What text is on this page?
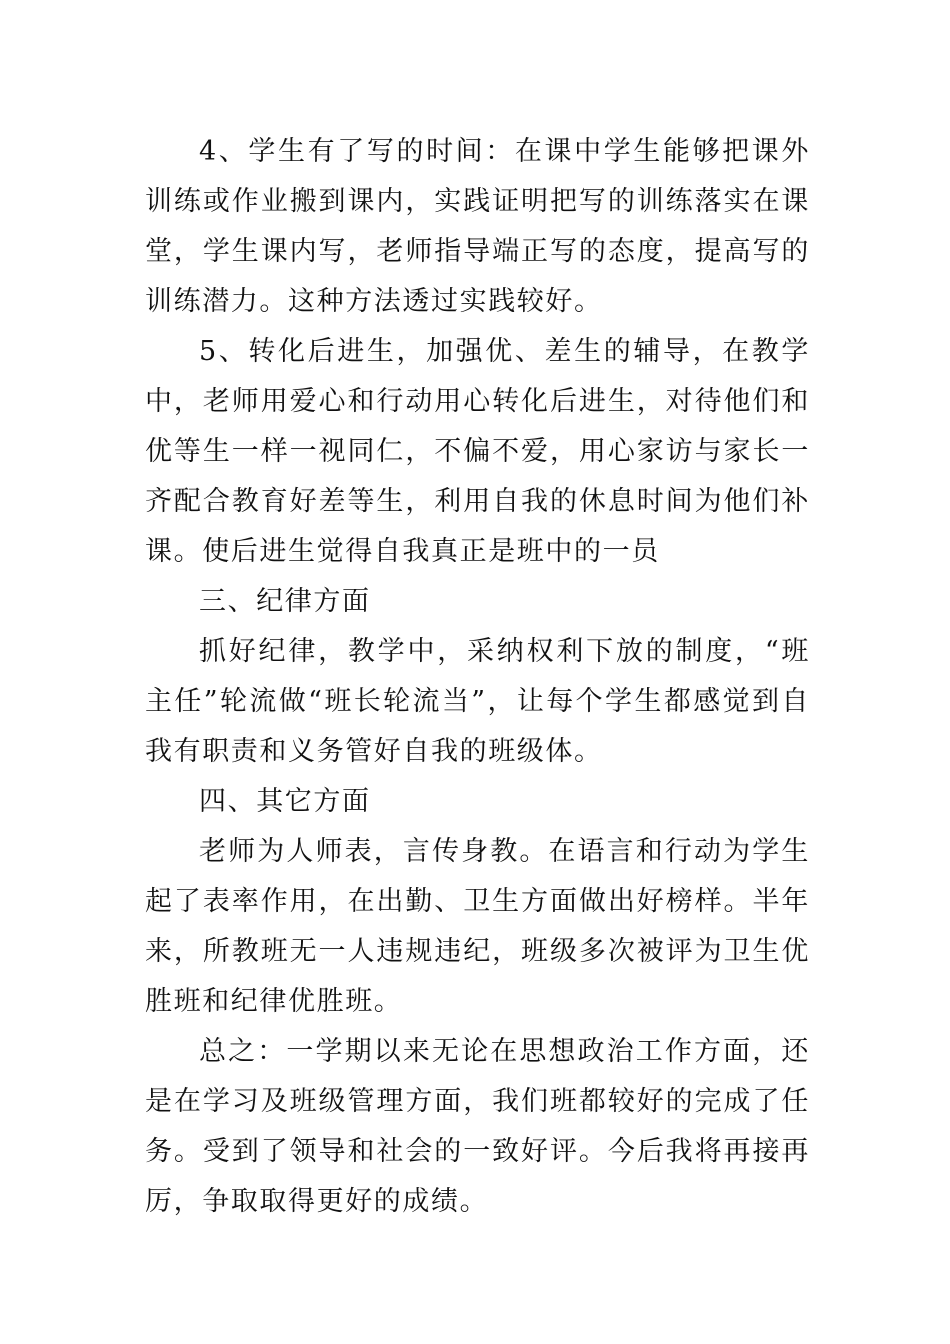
4、学生有了写的时间：在课中学生能够把课外训练或作业搬到课内，实践证明把写的训练落实在课堂，学生课内写，老师指导端正写的态度，提高写的训练潜力。这种方法透过实践较好。

5、转化后进生，加强优、差生的辅导，在教学中，老师用爱心和行动用心转化后进生，对待他们和优等生一样一视同仁，不偏不爱，用心家访与家长一齐配合教育好差等生，利用自我的休息时间为他们补课。使后进生觉得自我真正是班中的一员

三、纪律方面

抓好纪律，教学中，采纳权利下放的制度，“班主任”轮流做“班长轮流当”，让每个学生都感觉到自我有职责和义务管好自我的班级体。

四、其它方面

老师为人师表，言传身教。在语言和行动为学生起了表率作用，在出勤、卫生方面做出好榜样。半年来，所教班无一人违规违纪，班级多次被评为卫生优胜班和纪律优胜班。

总之：一学期以来无论在思想政治工作方面，还是在学习及班级管理方面，我们班都较好的完成了任务。受到了领导和社会的一致好评。今后我将再接再厉，争取取得更好的成绩。
